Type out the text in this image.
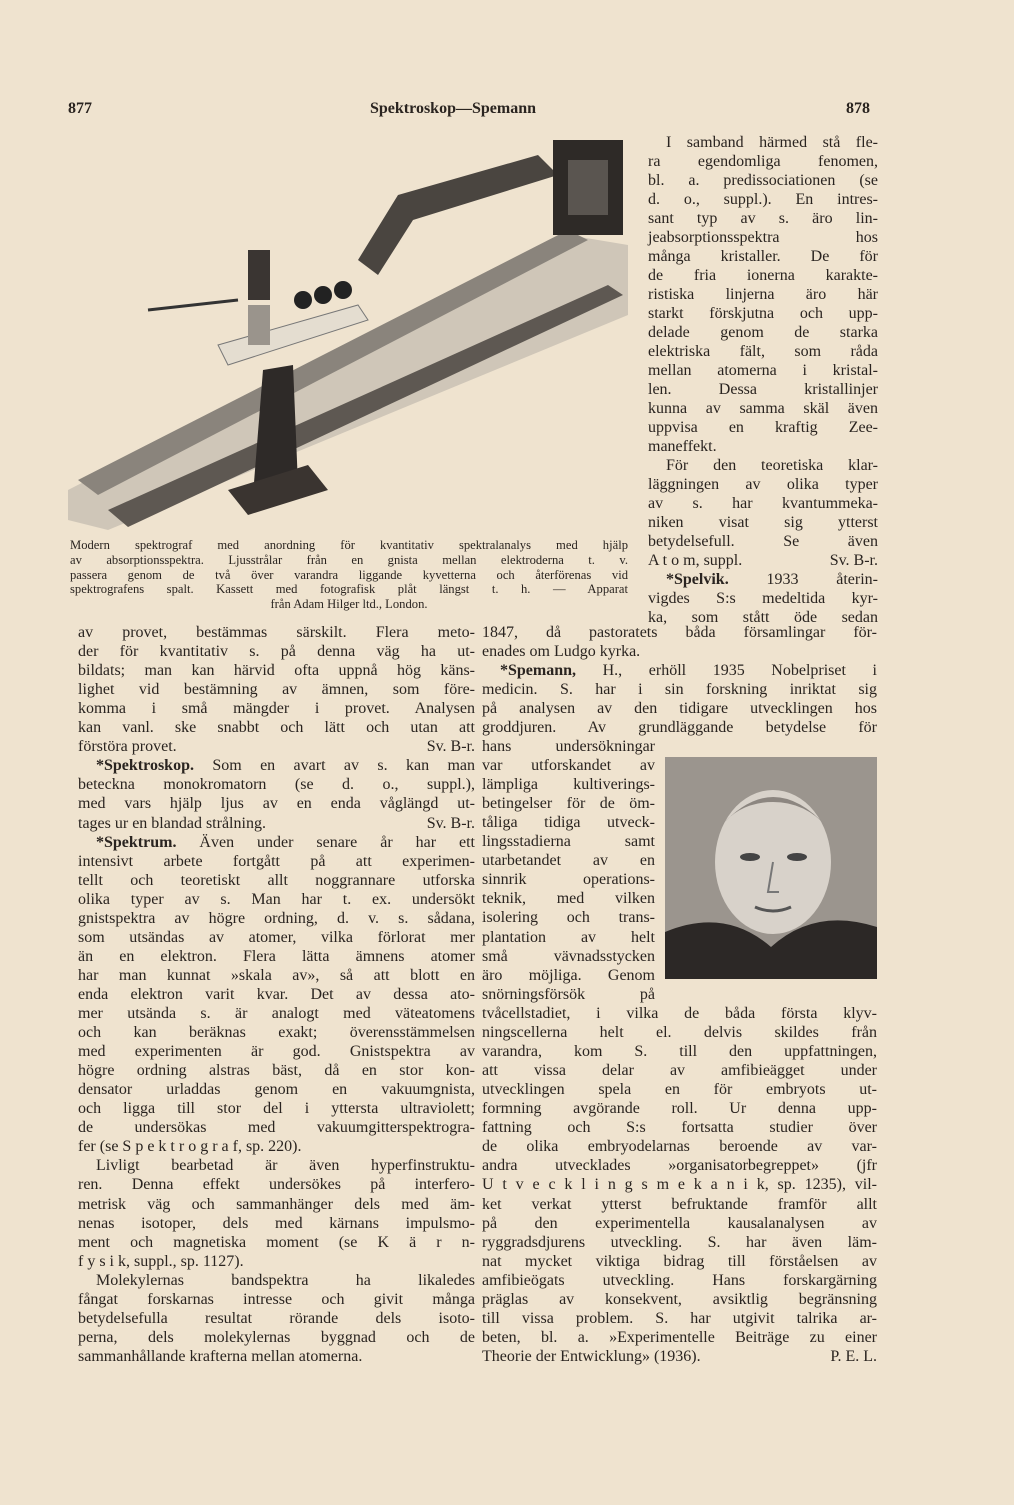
877	Spektroskop—Spemann	878
Modern spektrograf med anordning för kvantitativ spektralanalys med hjälp
av absorptionsspektra. Ljusstrålar från en gnista mellan elektroderna t. v.
passera genom de två över varandra liggande kyvetterna och återförenas vid
spektrografens spalt. Kassett med fotografisk plåt längst t. h. — Apparat
från Adam Hilger ltd., London.
av provet, bestämmas särskilt. Flera meto-
der för kvantitativ s. på denna väg ha ut-
bildats; man kan härvid ofta uppnå hög käns-
lighet vid bestämning av ämnen, som före-
komma i små mängder i provet. Analysen
kan vanl. ske snabbt och lätt och utan att
förstöra provet.	Sv. B-r.
*Spektroskop. Som en avart av s. kan man
beteckna monokromatorn (se d. o., suppl.),
med vars hjälp ljus av en enda våglängd ut-
tages ur en blandad strålning.	Sv. B-r.
*Spektrum. Även under senare år har ett
intensivt arbete fortgått på att experimen-
tellt och teoretiskt allt noggrannare utforska
olika typer av s. Man har t. ex. undersökt
gnistspektra av högre ordning, d. v. s. sådana,
som utsändas av atomer, vilka förlorat mer
än en elektron. Flera lätta ämnens atomer
har man kunnat »skala av», så att blott en
enda elektron varit kvar. Det av dessa ato-
mer utsända s. är analogt med väteatomens
och kan beräknas exakt; överensstämmelsen
med experimenten är god. Gnistspektra av
högre ordning alstras bäst, då en stor kon-
densator urladdas genom en vakuumgnista,
och ligga till stor del i yttersta ultraviolett;
de undersökas med vakuumgitterspektrogra-
fer (se S p e k t r o g r a f, sp. 220).
Livligt bearbetad är även hyperfinstruktu-
ren. Denna effekt undersökes på interfero-
metrisk väg och sammanhänger dels med äm-
nenas isotoper, dels med kärnans impulsmo-
ment och magnetiska moment (se K ä r n-
f y s i k, suppl., sp. 1127).
Molekylernas bandspektra ha likaledes
fångat forskarnas intresse och givit många
betydelsefulla resultat rörande dels isoto-
perna, dels molekylernas byggnad och de
sammanhållande krafterna mellan atomerna.
I samband härmed stå fle-
ra egendomliga fenomen,
bl. a. predissociationen (se
d. o., suppl.). En intres-
sant typ av s. äro lin-
jeabsorptionsspektra hos
många kristaller. De för
de fria ionerna karakte-
ristiska linjerna äro här
starkt förskjutna och upp-
delade genom de starka
elektriska fält, som råda
mellan atomerna i kristal-
len. Dessa kristallinjer
kunna av samma skäl även
uppvisa en kraftig Zee-
maneffekt.
För den teoretiska klar-
läggningen av olika typer
av s. har kvantummeka-
niken visat sig ytterst
betydelsefull. Se även
A t o m, suppl.	Sv. B-r.
*Spelvik. 1933 återin-
vigdes S:s medeltida kyr-
ka, som stått öde sedan
1847, då pastoratets båda församlingar för-
enades om Ludgo kyrka.
*Spemann, H., erhöll 1935 Nobelpriset i
medicin. S. har i sin forskning inriktat sig
på analysen av den tidigare utvecklingen hos
groddjuren. Av grundläggande betydelse för
hans undersökningar
var utforskandet av
lämpliga kultiverings-
betingelser för de öm-
tåliga tidiga utveck-
lingsstadierna samt
utarbetandet av en
sinnrik operations-
teknik, med vilken
isolering och trans-
plantation av helt
små vävnadsstycken
äro möjliga. Genom
snörningsförsök på
tvåcellstadiet, i vilka de båda första klyv-
ningscellerna helt el. delvis skildes från
varandra, kom S. till den uppfattningen,
att vissa delar av amfibieägget under
utvecklingen spela en för embryots ut-
formning avgörande roll. Ur denna upp-
fattning och S:s fortsatta studier över
de olika embryodelarnas beroende av var-
andra utvecklades »organisatorbegreppet» (jfr
U t v e c k l i n g s m e k a n i k, sp. 1235), vil-
ket verkat ytterst befruktande framför allt
på den experimentella kausalanalysen av
ryggradsdjurens utveckling. S. har även läm-
nat mycket viktiga bidrag till förståelsen av
amfibieögats utveckling. Hans forskargärning
präglas av konsekvent, avsiktlig begränsning
till vissa problem. S. har utgivit talrika ar-
beten, bl. a. »Experimentelle Beiträge zu einer
Theorie der Entwicklung» (1936).	P. E. L.
